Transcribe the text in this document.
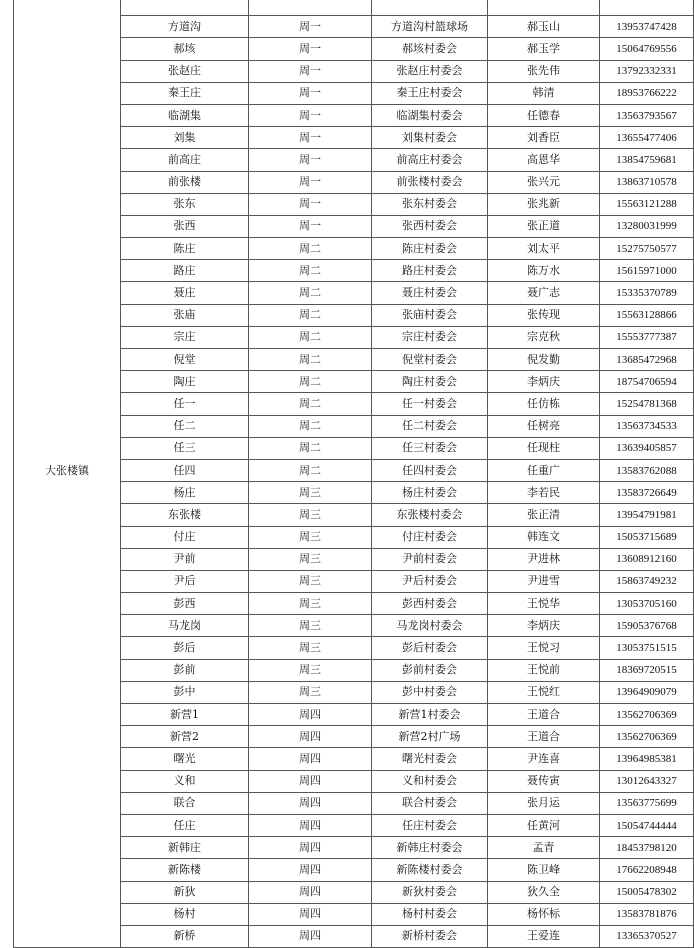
大张楼镇					
	方道沟	周一	方道沟村篮球场	郝玉山	13953747428
	郝垓	周一	郝垓村委会	郝玉学	15064769556
	张赵庄	周一	张赵庄村委会	张先伟	13792332331
	秦王庄	周一	秦王庄村委会	韩清	18953766222
	临湖集	周一	临湖集村委会	任德春	13563793567
	刘集	周一	刘集村委会	刘香臣	13655477406
	前高庄	周一	前高庄村委会	高恩华	13854759681
	前张楼	周一	前张楼村委会	张兴元	13863710578
	张东	周一	张东村委会	张兆新	15563121288
	张西	周一	张西村委会	张正道	13280031999
	陈庄	周二	陈庄村委会	刘太平	15275750577
	路庄	周二	路庄村委会	陈万水	15615971000
	聂庄	周二	聂庄村委会	聂广志	15335370789
	张庙	周二	张庙村委会	张传现	15563128866
	宗庄	周二	宗庄村委会	宗克秋	15553777387
	倪堂	周二	倪堂村委会	倪发勤	13685472968
	陶庄	周二	陶庄村委会	李炳庆	18754706594
	任一	周二	任一村委会	任仿栋	15254781368
	任二	周二	任二村委会	任树亮	13563734533
	任三	周二	任三村委会	任现柱	13639405857
	任四	周二	任四村委会	任重广	13583762088
	杨庄	周三	杨庄村委会	李若民	13583726649
	东张楼	周三	东张楼村委会	张正清	13954791981
	付庄	周三	付庄村委会	韩连文	15053715689
	尹前	周三	尹前村委会	尹进林	13608912160
	尹后	周三	尹后村委会	尹进雪	15863749232
	彭西	周三	彭西村委会	王悦华	13053705160
	马龙岗	周三	马龙岗村委会	李炳庆	15905376768
	彭后	周三	彭后村委会	王悦习	13053751515
	彭前	周三	彭前村委会	王悦前	18369720515
	彭中	周三	彭中村委会	王悦红	13964909079
	新营1	周四	新营1村委会	王道合	13562706369
	新营2	周四	新营2村广场	王道合	13562706369
	曙光	周四	曙光村委会	尹连喜	13964985381
	义和	周四	义和村委会	聂传寅	13012643327
	联合	周四	联合村委会	张月运	13563775699
	任庄	周四	任庄村委会	任黄河	15054744444
	新韩庄	周四	新韩庄村委会	孟青	18453798120
	新陈楼	周四	新陈楼村委会	陈卫峰	17662208948
	新狄	周四	新狄村委会	狄久全	15005478302
	杨村	周四	杨村村委会	杨怀标	13583781876
	新桥	周四	新桥村委会	王爱连	13365370527
